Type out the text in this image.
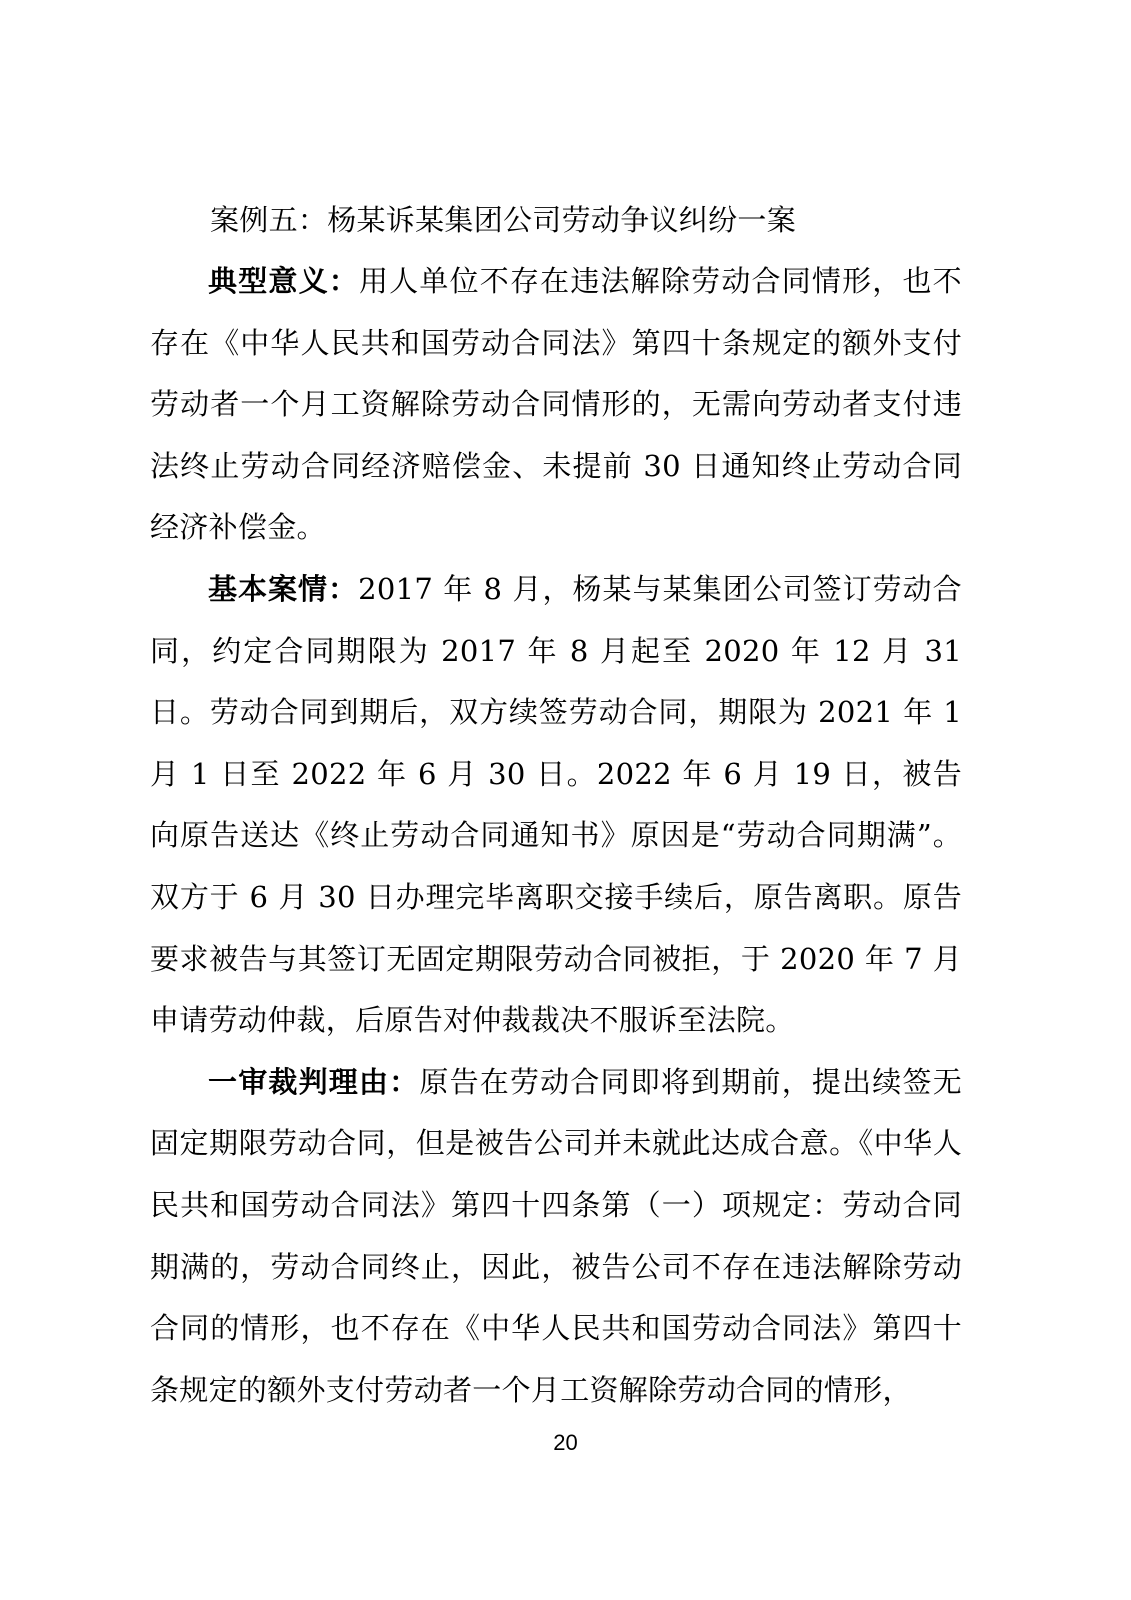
案例五：杨某诉某集团公司劳动争议纠纷一案

典型意义：用人单位不存在违法解除劳动合同情形，也不存在《中华人民共和国劳动合同法》第四十条规定的额外支付劳动者一个月工资解除劳动合同情形的，无需向劳动者支付违法终止劳动合同经济赔偿金、未提前 30 日通知终止劳动合同经济补偿金。

基本案情：2017 年 8 月，杨某与某集团公司签订劳动合同，约定合同期限为 2017 年 8 月起至 2020 年 12 月 31 日。劳动合同到期后，双方续签劳动合同，期限为 2021 年 1 月 1 日至 2022 年 6 月 30 日。2022 年 6 月 19 日，被告向原告送达《终止劳动合同通知书》原因是“劳动合同期满”。双方于 6 月 30 日办理完毕离职交接手续后，原告离职。原告要求被告与其签订无固定期限劳动合同被拒，于 2020 年 7 月申请劳动仲裁，后原告对仲裁裁决不服诉至法院。

一审裁判理由：原告在劳动合同即将到期前，提出续签无固定期限劳动合同，但是被告公司并未就此达成合意。《中华人民共和国劳动合同法》第四十四条第（一）项规定：劳动合同期满的，劳动合同终止，因此，被告公司不存在违法解除劳动合同的情形，也不存在《中华人民共和国劳动合同法》第四十条规定的额外支付劳动者一个月工资解除劳动合同的情形，

20
